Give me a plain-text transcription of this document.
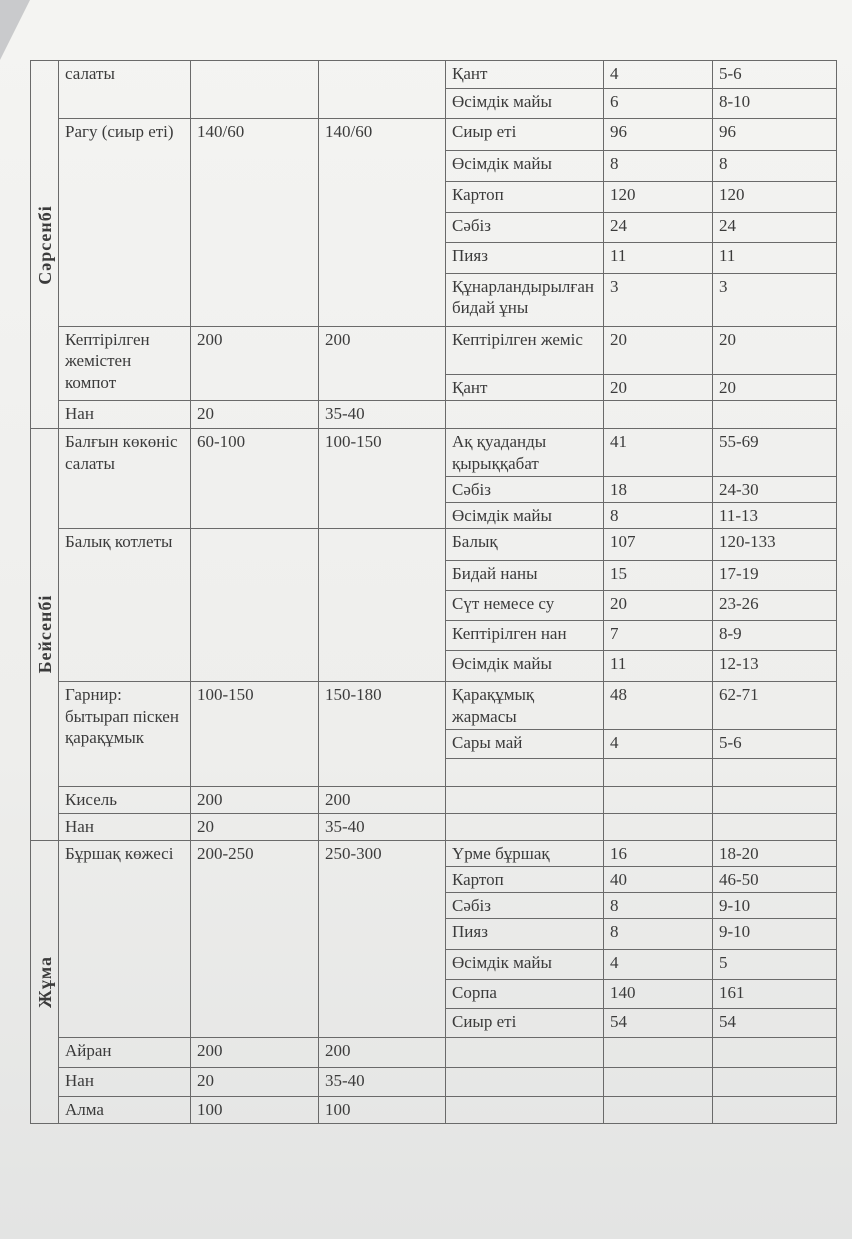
Сәрсенбі	салаты			Қант	4	5-6
				Өсімдік майы	6	8-10
	Рагу (сиыр еті)	140/60	140/60	Сиыр еті	96	96
				Өсімдік майы	8	8
				Картоп	120	120
				Сәбіз	24	24
				Пияз	11	11
				Құнарландырылған бидай ұны	3	3
	Кептірілген жемістен компот	200	200	Кептірілген жеміс	20	20
				Қант	20	20
	Нан	20	35-40			

Бейсенбі	Балғын көкөніс салаты	60-100	100-150	Ақ қуаданды қырыққабат	41	55-69
				Сәбіз	18	24-30
				Өсімдік майы	8	11-13
	Балық котлеты			Балық	107	120-133
				Бидай наны	15	17-19
				Сүт немесе су	20	23-26
				Кептірілген нан	7	8-9
				Өсімдік майы	11	12-13
	Гарнир: бытырап піскен қарақұмык	100-150	150-180	Қарақұмық жармасы	48	62-71
				Сары май	4	5-6

	Кисель	200	200			
	Нан	20	35-40			

Жұма	Бұршақ көжесі	200-250	250-300	Үрме бұршақ	16	18-20
				Картоп	40	46-50
				Сәбіз	8	9-10
				Пияз	8	9-10
				Өсімдік майы	4	5
				Сорпа	140	161
				Сиыр еті	54	54
	Айран	200	200			
	Нан	20	35-40			
	Алма	100	100			
